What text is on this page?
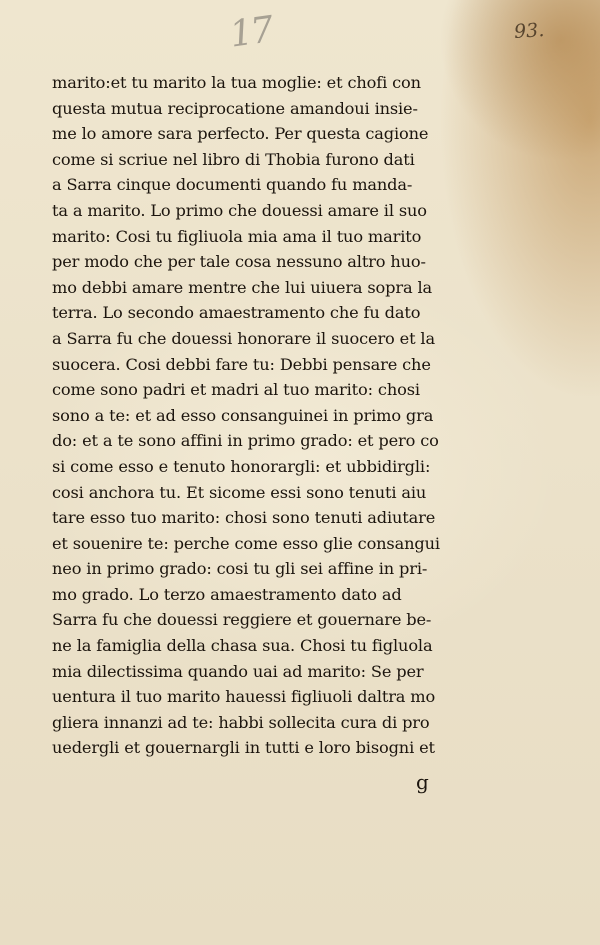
17	93.
marito:et tu marito la tua moglie: et chofi con
questa mutua reciprocatione amandoui insie-
me lo amore sara perfecto. Per questa cagione
come si scriue nel libro di Thobia furono dati
a Sarra cinque documenti quando fu manda-
ta a marito. Lo primo che douessi amare il suo
marito: Cosi tu figliuola mia ama il tuo marito
per modo che per tale cosa nessuno altro huo-
mo debbi amare mentre che lui uiuera sopra la
terra. Lo secondo amaestramento che fu dato
a Sarra fu che douessi honorare il suocero et la
suocera. Cosi debbi fare tu: Debbi pensare che
come sono padri et madri al tuo marito: chosi
sono a te: et ad esso consanguinei in primo gra
do: et a te sono affini in primo grado: et pero co
si come esso e tenuto honorargli: et ubbidirgli:
cosi anchora tu. Et sicome essi sono tenuti aiu
tare esso tuo marito: chosi sono tenuti adiutare
et souenire te: perche come esso glie consangui
neo in primo grado: cosi tu gli sei affine in pri-
mo grado. Lo terzo amaestramento dato ad
Sarra fu che douessi reggiere et gouernare be-
ne la famiglia della chasa sua. Chosi tu figluola
mia dilectissima quando uai ad marito: Se per
uentura il tuo marito hauessi figliuoli daltra mo
gliera innanzi ad te: habbi sollecita cura di pro
uedergli et gouernargli in tutti e loro bisogni et
g
